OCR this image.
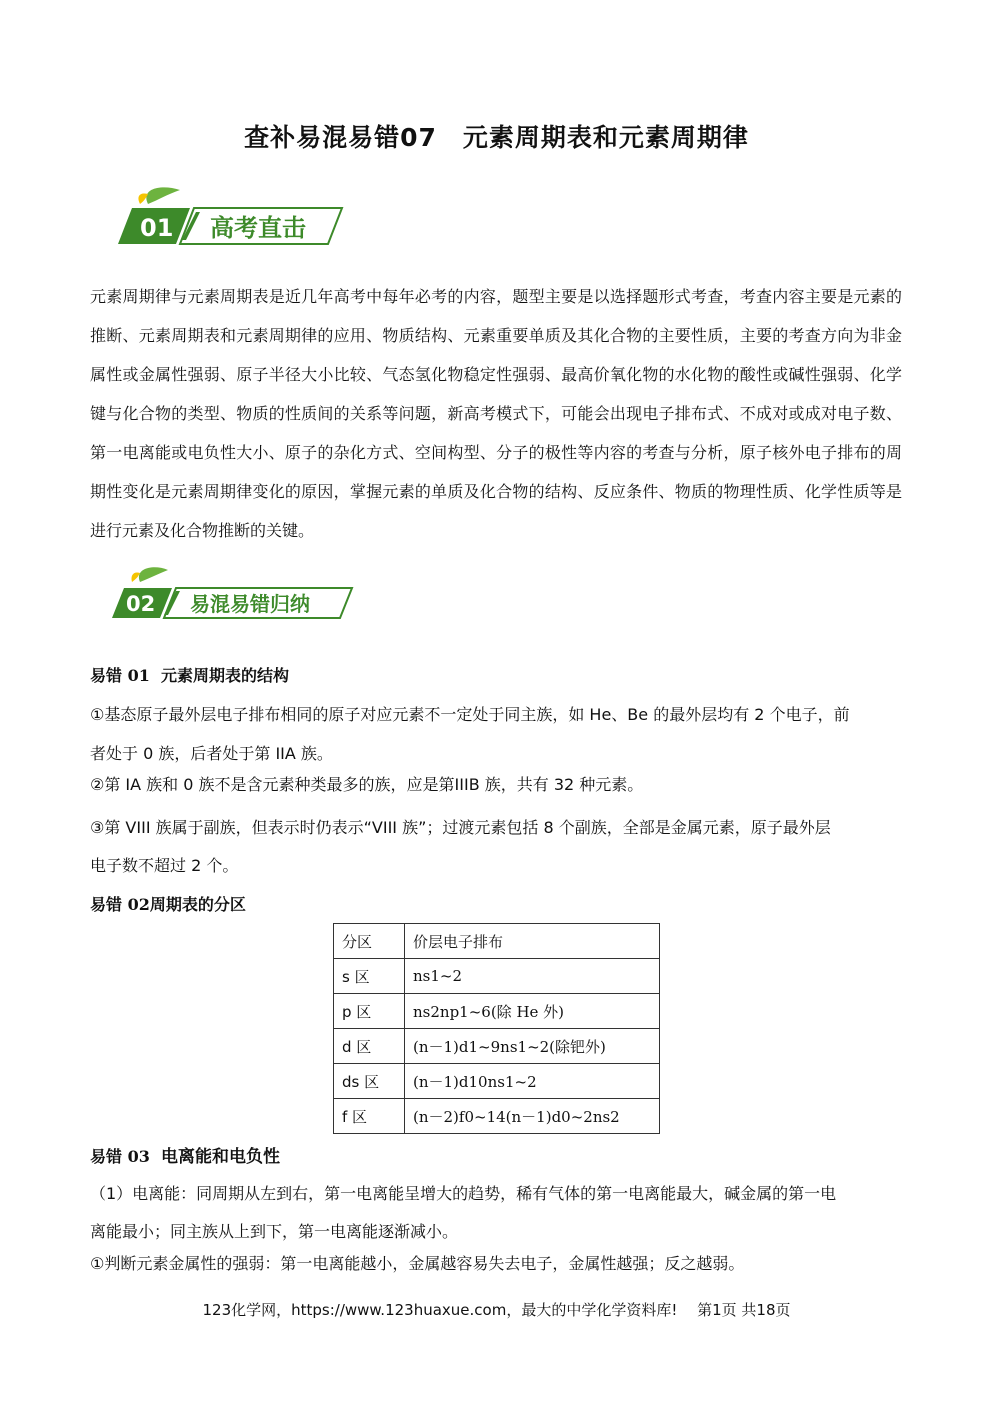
查补易混易错07　元素周期表和元素周期律
01 高考直击
元素周期律与元素周期表是近几年高考中每年必考的内容，题型主要是以选择题形式考查，考查内容主要是元素的推断、元素周期表和元素周期律的应用、物质结构、元素重要单质及其化合物的主要性质，主要的考查方向为非金属性或金属性强弱、原子半径大小比较、气态氢化物稳定性强弱、最高价氧化物的水化物的酸性或碱性强弱、化学键与化合物的类型、物质的性质间的关系等问题，新高考模式下，可能会出现电子排布式、不成对或成对电子数、第一电离能或电负性大小、原子的杂化方式、空间构型、分子的极性等内容的考查与分析，原子核外电子排布的周期性变化是元素周期律变化的原因，掌握元素的单质及化合物的结构、反应条件、物质的物理性质、化学性质等是进行元素及化合物推断的关键。
02 易混易错归纳
易错 01 元素周期表的结构
①基态原子最外层电子排布相同的原子对应元素不一定处于同主族，如 He、Be 的最外层均有 2 个电子，前
者处于 0 族，后者处于第 IIA 族。
②第 IA 族和 0 族不是含元素种类最多的族，应是第IIIB 族，共有 32 种元素。
③第 VIII 族属于副族，但表示时仍表示“VIII 族”；过渡元素包括 8 个副族，全部是金属元素，原子最外层
电子数不超过 2 个。
易错 02周期表的分区
分区	价层电子排布
s 区	ns1~2
p 区	ns2np1~6(除 He 外)
d 区	(n－1)d1~9ns1~2(除钯外)
ds 区	(n－1)d10ns1~2
f 区	(n－2)f0~14(n－1)d0~2ns2
易错 03 电离能和电负性
（1）电离能：同周期从左到右，第一电离能呈增大的趋势，稀有气体的第一电离能最大，碱金属的第一电
离能最小；同主族从上到下，第一电离能逐渐减小。
①判断元素金属性的强弱：第一电离能越小，金属越容易失去电子，金属性越强；反之越弱。
123化学网，https://www.123huaxue.com，最大的中学化学资料库!　 第1页 共18页
